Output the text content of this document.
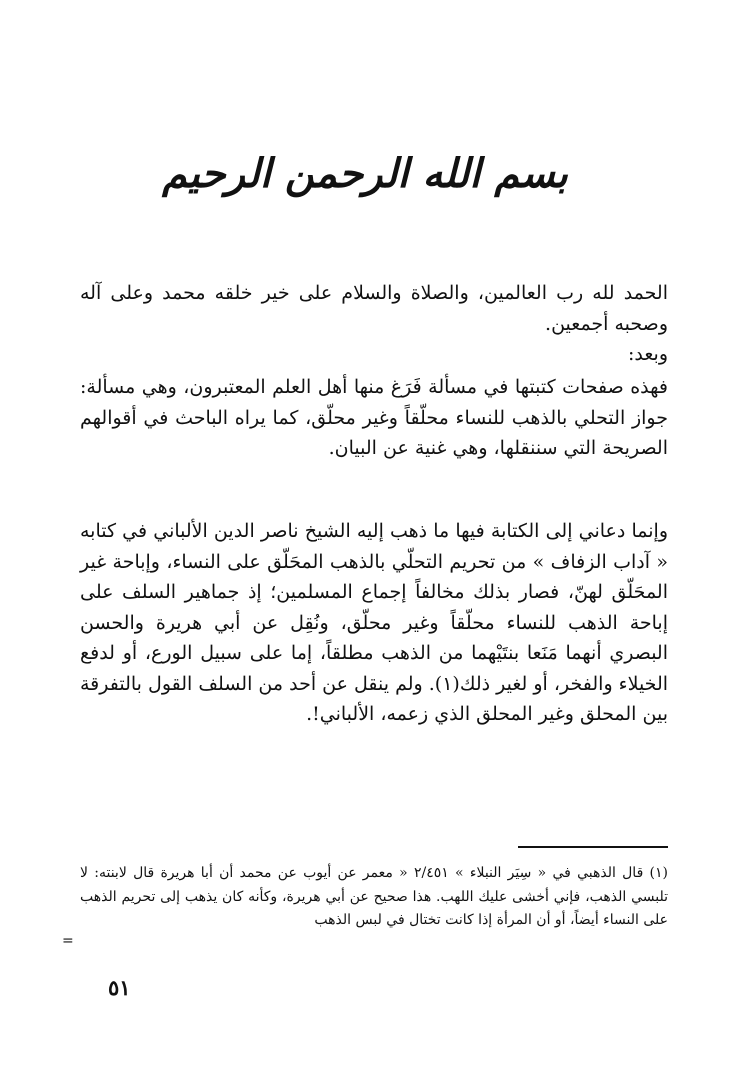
بسم الله الرحمن الرحيم

الحمد لله رب العالمين، والصلاة والسلام على خير خلقه محمد وعلى آله وصحبه أجمعين.

وبعد:

فهذه صفحات كتبتها في مسألة فَرَغ منها أهل العلم المعتبرون، وهي مسألة: جواز التحلي بالذهب للنساء محلّقاً وغير محلّق، كما يراه الباحث في أقوالهم الصريحة التي سننقلها، وهي غنية عن البيان.

وإنما دعاني إلى الكتابة فيها ما ذهب إليه الشيخ ناصر الدين الألباني في كتابه « آداب الزفاف » من تحريم التحلّي بالذهب المحَلّق على النساء، وإباحة غير المحَلّق لهنّ، فصار بذلك مخالفاً إجماع المسلمين؛ إذ جماهير السلف على إباحة الذهب للنساء محلّقاً وغير محلّق، ونُقِل عن أبي هريرة والحسن البصري أنهما مَنَعا بنتَيْهما من الذهب مطلقاً، إما على سبيل الورع، أو لدفع الخيلاء والفخر، أو لغير ذلك(١). ولم ينقل عن أحد من السلف القول بالتفرقة بين المحلق وغير المحلق الذي زعمه، الألباني!.

(١) قال الذهبي في « سِيَر النبلاء » ٢/٤٥١ « معمر عن أيوب عن محمد أن أبا هريرة قال لابنته: لا تلبسي الذهب، فإني أخشى عليك اللهب. هذا صحيح عن أبي هريرة، وكأنه كان يذهب إلى تحريم الذهب على النساء أيضاً، أو أن المرأة إذا كانت تختال في لبس الذهب

=
٥١
